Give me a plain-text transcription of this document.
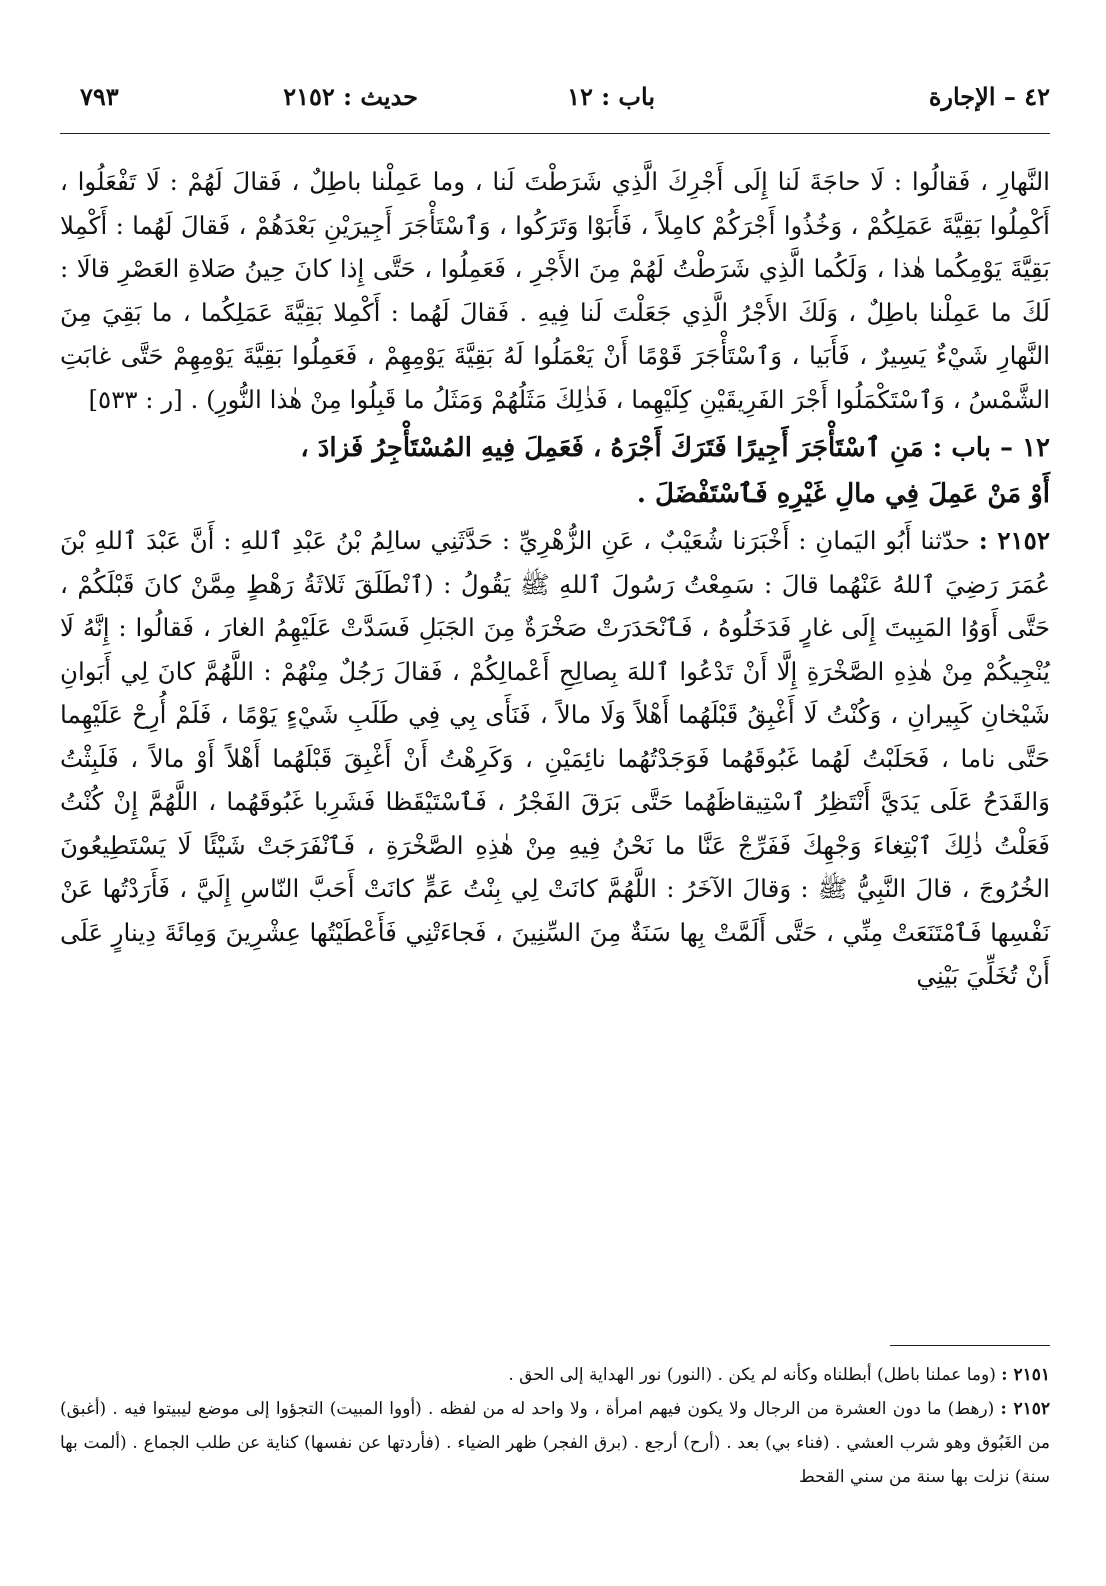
٤٢ – الإجارة
باب : ١٢
حديث : ٢١٥٢
٧٩٣

النَّهارِ ، فَقالُوا : لَا حاجَةَ لَنا إِلَى أَجْرِكَ الَّذِي شَرَطْتَ لَنا ، وما عَمِلْنا باطِلٌ ، فَقالَ لَهُمْ : لَا تَفْعَلُوا ، أَكْمِلُوا بَقِيَّةَ عَمَلِكُمْ ، وَخُذُوا أَجْرَكُمْ كامِلاً ، فَأَبَوْا وَتَرَكُوا ، وَٱسْتَأْجَرَ أَجِيرَيْنِ بَعْدَهُمْ ، فَقالَ لَهُما : أَكْمِلا بَقِيَّةَ يَوْمِكُما هٰذا ، وَلَكُما الَّذِي شَرَطْتُ لَهُمْ مِنَ الأَجْرِ ، فَعَمِلُوا ، حَتَّى إِذا كانَ حِينُ صَلاةِ العَصْرِ قالَا : لَكَ ما عَمِلْنا باطِلٌ ، وَلَكَ الأَجْرُ الَّذِي جَعَلْتَ لَنا فِيهِ . فَقالَ لَهُما : أَكْمِلا بَقِيَّةَ عَمَلِكُما ، ما بَقِيَ مِنَ النَّهارِ شَيْءٌ يَسِيرٌ ، فَأَبَيا ، وَٱسْتَأْجَرَ قَوْمًا أَنْ يَعْمَلُوا لَهُ بَقِيَّةَ يَوْمِهِمْ ، فَعَمِلُوا بَقِيَّةَ يَوْمِهِمْ حَتَّى غابَتِ الشَّمْسُ ، وَٱسْتَكْمَلُوا أَجْرَ الفَرِيقَيْنِ كِلَيْهِما ، فَذٰلِكَ مَثَلُهُمْ وَمَثَلُ ما قَبِلُوا مِنْ هٰذا النُّورِ) . [ر : ٥٣٣]

١٢ – باب : مَنِ ٱسْتَأْجَرَ أَجِيرًا فَتَرَكَ أَجْرَهُ ، فَعَمِلَ فِيهِ المُسْتَأْجِرُ فَزادَ ،
أَوْ مَنْ عَمِلَ فِي مالِ غَيْرِهِ فَٱسْتَفْضَلَ .

٢١٥٢ : حدّثنا أَبُو اليَمانِ : أَخْبَرَنا شُعَيْبٌ ، عَنِ الزُّهْرِيِّ : حَدَّثَنِي سالِمُ بْنُ عَبْدِ ٱللهِ : أَنَّ عَبْدَ ٱللهِ بْنَ عُمَرَ رَضِيَ ٱللهُ عَنْهُما قالَ : سَمِعْتُ رَسُولَ ٱللهِ ﷺ يَقُولُ : (ٱنْطَلَقَ ثَلاثَةُ رَهْطٍ مِمَّنْ كانَ قَبْلَكُمْ ، حَتَّى أَوَوُا المَبِيتَ إِلَى غارٍ فَدَخَلُوهُ ، فَٱنْحَدَرَتْ صَخْرَةٌ مِنَ الجَبَلِ فَسَدَّتْ عَلَيْهِمُ الغارَ ، فَقالُوا : إِنَّهُ لَا يُنْجِيكُمْ مِنْ هٰذِهِ الصَّخْرَةِ إِلَّا أَنْ تَدْعُوا ٱللهَ بِصالِحِ أَعْمالِكُمْ ، فَقالَ رَجُلٌ مِنْهُمْ : اللَّهُمَّ كانَ لِي أَبَوانِ شَيْخانِ كَبِيرانِ ، وَكُنْتُ لَا أَغْبِقُ قَبْلَهُما أَهْلاً وَلَا مالاً ، فَنَأَى بِي فِي طَلَبِ شَيْءٍ يَوْمًا ، فَلَمْ أُرِحْ عَلَيْهِما حَتَّى ناما ، فَحَلَبْتُ لَهُما غَبُوقَهُما فَوَجَدْتُهُما نائِمَيْنِ ، وَكَرِهْتُ أَنْ أَغْبِقَ قَبْلَهُما أَهْلاً أَوْ مالاً ، فَلَبِثْتُ وَالقَدَحُ عَلَى يَدَيَّ أَنْتَظِرُ ٱسْتِيقاظَهُما حَتَّى بَرَقَ الفَجْرُ ، فَٱسْتَيْقَظا فَشَرِبا غَبُوقَهُما ، اللَّهُمَّ إِنْ كُنْتُ فَعَلْتُ ذٰلِكَ ٱبْتِغاءَ وَجْهِكَ فَفَرِّجْ عَنَّا ما نَحْنُ فِيهِ مِنْ هٰذِهِ الصَّخْرَةِ ، فَٱنْفَرَجَتْ شَيْئًا لَا يَسْتَطِيعُونَ الخُرُوجَ ، قالَ النَّبِيُّ ﷺ : وَقالَ الآخَرُ : اللَّهُمَّ كانَتْ لِي بِنْتُ عَمٍّ كانَتْ أَحَبَّ النّاسِ إِلَيَّ ، فَأَرَدْتُها عَنْ نَفْسِها فَٱمْتَنَعَتْ مِنِّي ، حَتَّى أَلَمَّتْ بِها سَنَةٌ مِنَ السِّنِينَ ، فَجاءَتْنِي فَأَعْطَيْتُها عِشْرِينَ وَمِائَةَ دِينارٍ عَلَى أَنْ تُخَلِّيَ بَيْنِي

٢١٥١ : (وما عملنا باطل) أبطلناه وكأنه لم يكن . (النور) نور الهداية إلى الحق .

٢١٥٢ : (رهط) ما دون العشرة من الرجال ولا يكون فيهم امرأة ، ولا واحد له من لفظه . (أووا المبيت) التجؤوا إلى موضع ليبيتوا فيه . (أغبق) من الغَبُوق وهو شرب العشي . (فناء بي) بعد . (أرح) أرجع . (برق الفجر) ظهر الضياء . (فأردتها عن نفسها) كناية عن طلب الجماع . (ألمت بها سنة) نزلت بها سنة من سني القحط
